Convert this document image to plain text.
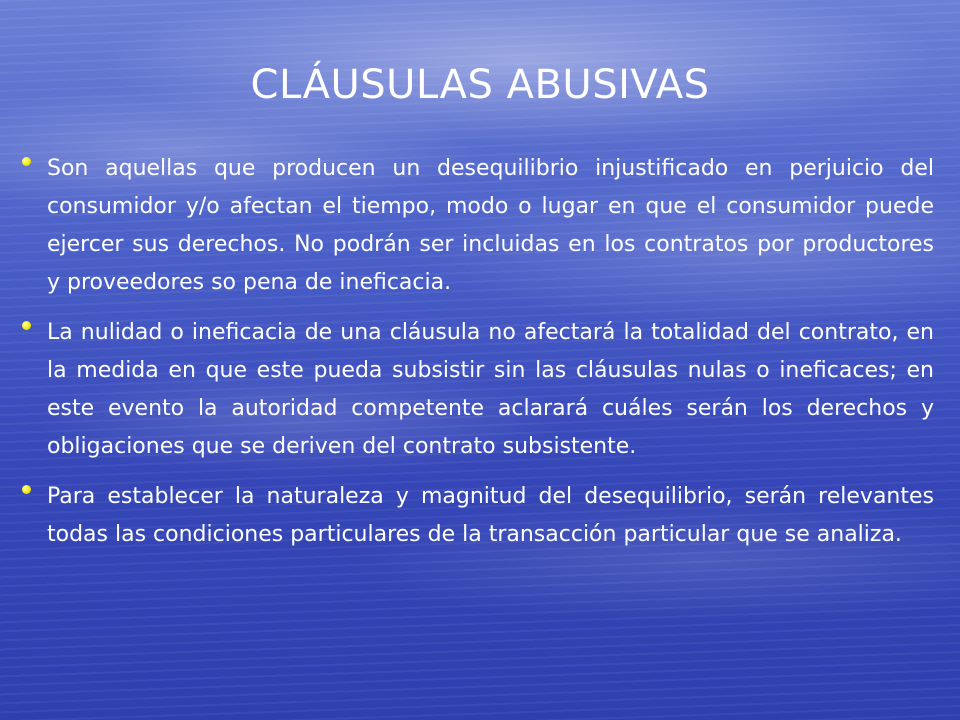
CLÁUSULAS ABUSIVAS
Son aquellas que producen un desequilibrio injustificado en perjuicio del consumidor y/o afectan el tiempo, modo o lugar en que el consumidor puede ejercer sus derechos. No podrán ser incluidas en los contratos por productores y proveedores so pena de ineficacia.
La nulidad o ineficacia de una cláusula no afectará la totalidad del contrato, en la medida en que este pueda subsistir sin las cláusulas nulas o ineficaces; en este evento la autoridad competente aclarará cuáles serán los derechos y obligaciones que se deriven del contrato subsistente.
Para establecer la naturaleza y magnitud del desequilibrio, serán relevantes todas las condiciones particulares de la transacción particular que se analiza.
